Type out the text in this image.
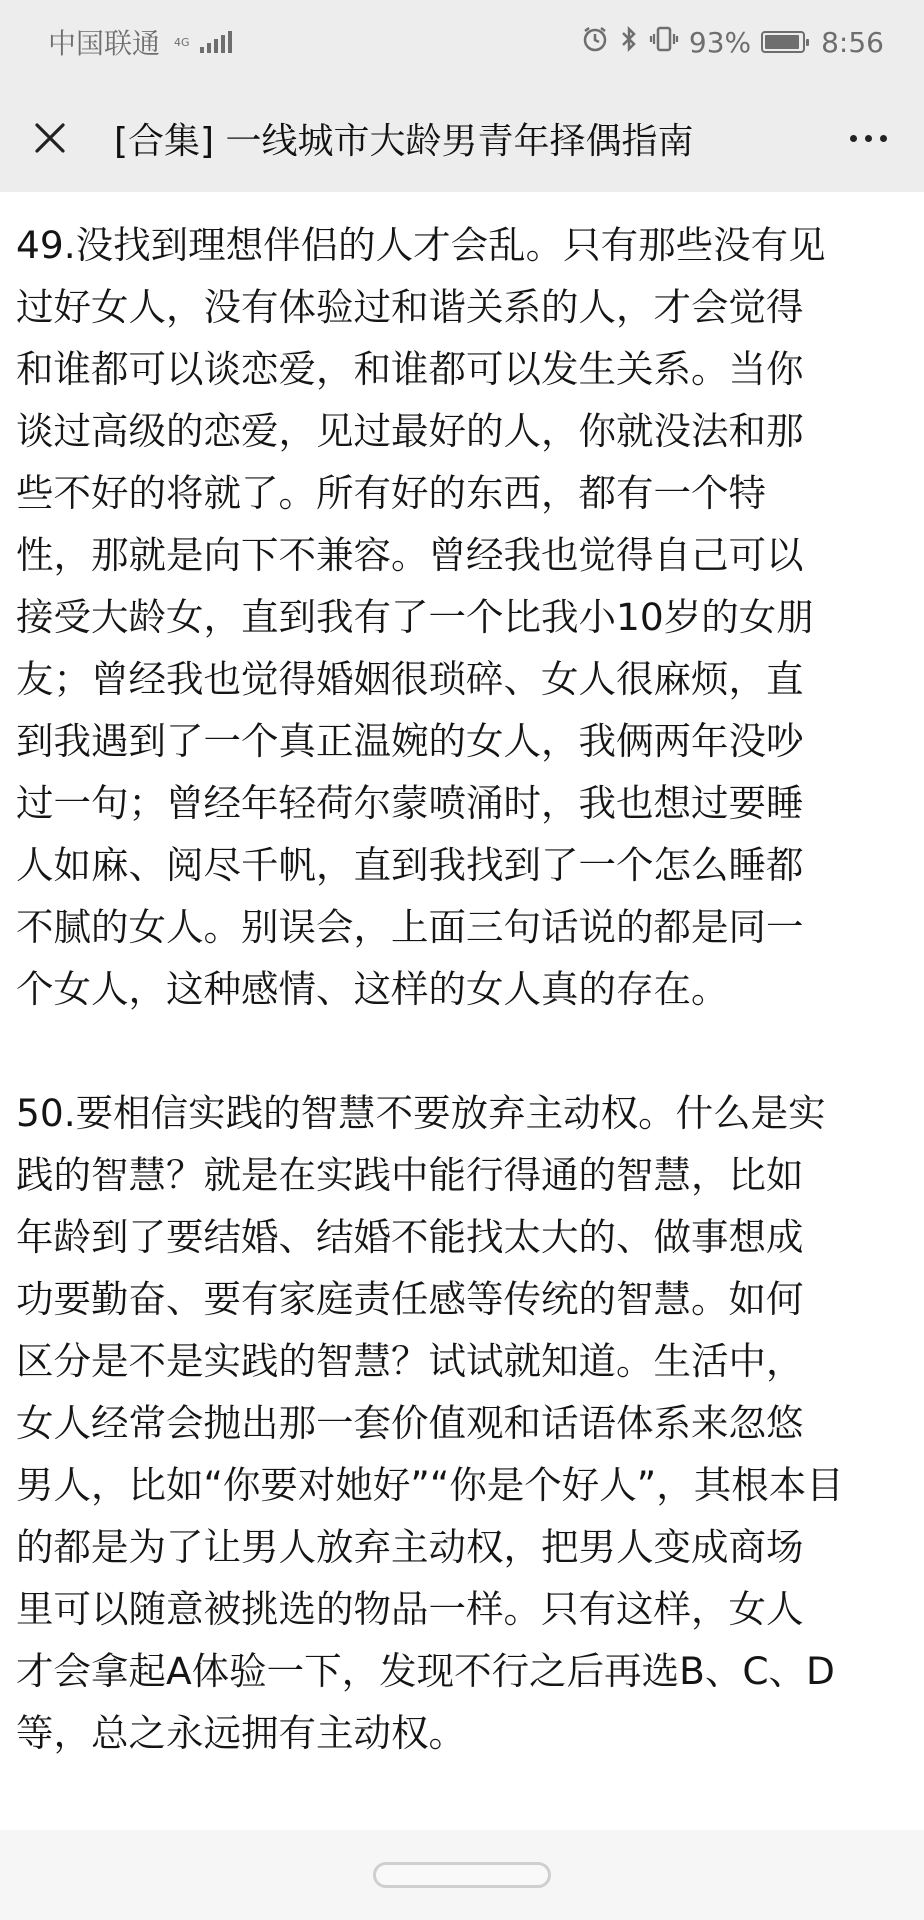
中国联通 4G	93%	8:56
[合集] 一线城市大龄男青年择偶指南

49.没找到理想伴侣的人才会乱。只有那些没有见
过好女人，没有体验过和谐关系的人，才会觉得
和谁都可以谈恋爱，和谁都可以发生关系。当你
谈过高级的恋爱，见过最好的人，你就没法和那
些不好的将就了。所有好的东西，都有一个特
性，那就是向下不兼容。曾经我也觉得自己可以
接受大龄女，直到我有了一个比我小10岁的女朋
友；曾经我也觉得婚姻很琐碎、女人很麻烦，直
到我遇到了一个真正温婉的女人，我俩两年没吵
过一句；曾经年轻荷尔蒙喷涌时，我也想过要睡
人如麻、阅尽千帆，直到我找到了一个怎么睡都
不腻的女人。别误会，上面三句话说的都是同一
个女人，这种感情、这样的女人真的存在。

50.要相信实践的智慧不要放弃主动权。什么是实
践的智慧？就是在实践中能行得通的智慧，比如
年龄到了要结婚、结婚不能找太大的、做事想成
功要勤奋、要有家庭责任感等传统的智慧。如何
区分是不是实践的智慧？试试就知道。生活中，
女人经常会抛出那一套价值观和话语体系来忽悠
男人，比如“你要对她好”“你是个好人”，其根本目
的都是为了让男人放弃主动权，把男人变成商场
里可以随意被挑选的物品一样。只有这样，女人
才会拿起A体验一下，发现不行之后再选B、C、D
等，总之永远拥有主动权。
